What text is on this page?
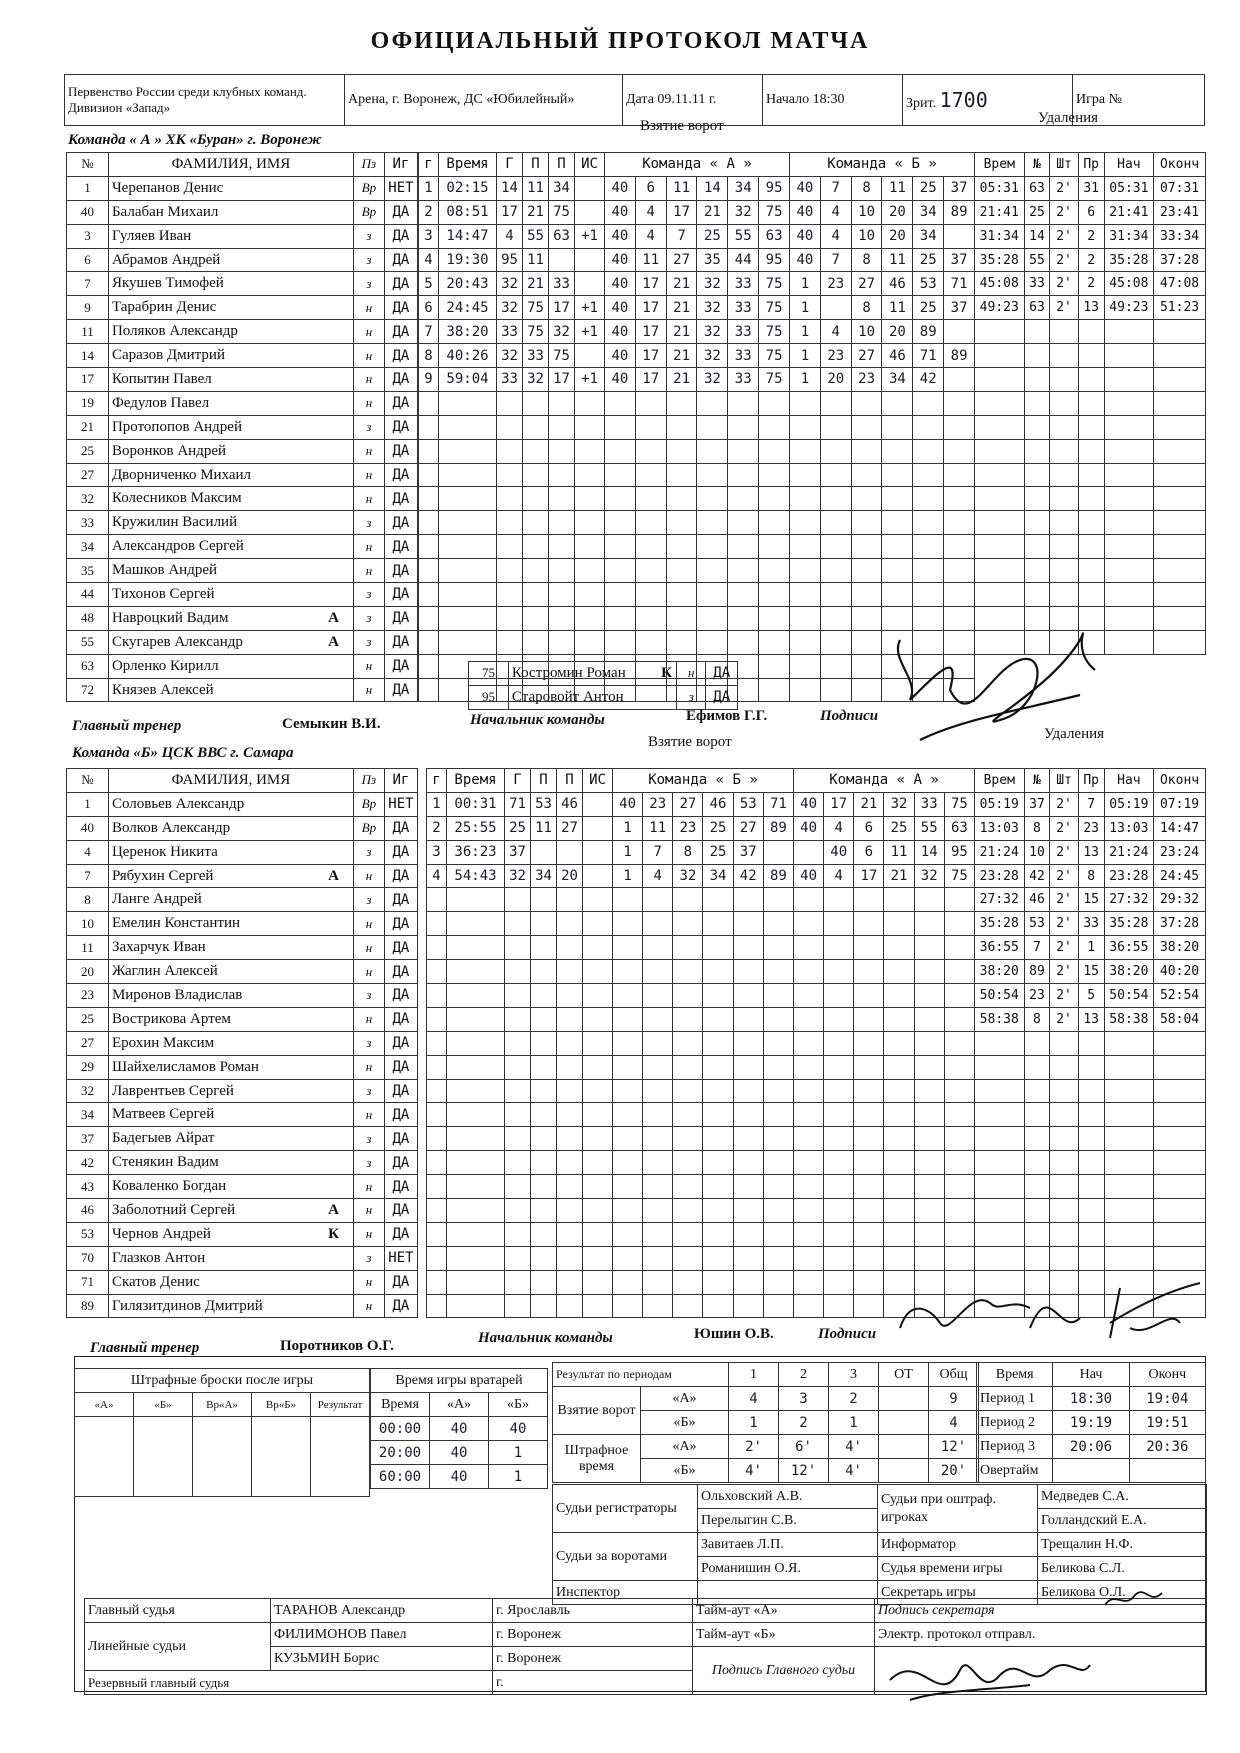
ОФИЦИАЛЬНЫЙ ПРОТОКОЛ МАТЧА
Первенство России среди клубных команд. Дивизион «Запад»	Арена, г. Воронеж, ДС «Юбилейный»	Дата 09.11.11 г.	Начало 18:30	Зрит. 1700	Игра №
Команда « А » ХК «Буран» г. Воронеж
Взятие ворот	Удаления
№	ФАМИЛИЯ, ИМЯ	Пз	Иг
1	Черепанов Денис	Вр	НЕТ
40	Балабан Михаил	Вр	ДА
3	Гуляев Иван	з	ДА
6	Абрамов Андрей	з	ДА
7	Якушев Тимофей	з	ДА
9	Тарабрин Денис	н	ДА
11	Поляков Александр	н	ДА
14	Саразов Дмитрий	н	ДА
17	Копытин Павел	н	ДА
19	Федулов Павел	н	ДА
21	Протопопов Андрей	з	ДА
25	Воронков Андрей	н	ДА
27	Дворниченко Михаил	н	ДА
32	Колесников Максим	н	ДА
33	Кружилин Василий	з	ДА
34	Александров Сергей	н	ДА
35	Машков Андрей	н	ДА
44	Тихонов Сергей	з	ДА
48	Навроцкий Вадим А	з	ДА
55	Скугарев Александр А	з	ДА
63	Орленко Кирилл	н	ДА
72	Князев Алексей	н	ДА
г	Время	Г	П	П	ИС	Команда « А »						Команда « Б »					
1	02:15	14	11	34		40	6	11	14	34	95	40	7	8	11	25	37
2	08:51	17	21	75		40	4	17	21	32	75	40	4	10	20	34	89
3	14:47	4	55	63	+1	40	4	7	25	55	63	40	4	10	20	34	
4	19:30	95	11			40	11	27	35	44	95	40	7	8	11	25	37
5	20:43	32	21	33		40	17	21	32	33	75	1	23	27	46	53	71
6	24:45	32	75	17	+1	40	17	21	32	33	75	1		8	11	25	37
7	38:20	33	75	32	+1	40	17	21	32	33	75	1	4	10	20	89	
8	40:26	32	33	75		40	17	21	32	33	75	1	23	27	46	71	89
9	59:04	33	32	17	+1	40	17	21	32	33	75	1	20	23	34	42	

Врем	№	Шт	Пр	Нач	Оконч
05:31	63	2'	31	05:31	07:31
21:41	25	2'	6	21:41	23:41
31:34	14	2'	2	31:34	33:34
35:28	55	2'	2	35:28	37:28
45:08	33	2'	2	45:08	47:08
49:23	63	2'	13	49:23	51:23

75	Костромин Роман К	н	ДА
95	Старовойт Антон	з	ДА
Главный тренер	Семыкин В.И.	Начальник команды	Ефимов Г.Г.	Подписи
Команда «Б» ЦСК ВВС г. Самара
Взятие ворот	Удаления
№	ФАМИЛИЯ, ИМЯ	Пз	Иг
1	Соловьев Александр	Вр	НЕТ
40	Волков Александр	Вр	ДА
4	Церенок Никита	з	ДА
7	Рябухин Сергей А	н	ДА
8	Ланге Андрей	з	ДА
10	Емелин Константин	н	ДА
11	Захарчук Иван	н	ДА
20	Жаглин Алексей	н	ДА
23	Миронов Владислав	з	ДА
25	Вострикова Артем	н	ДА
27	Ерохин Максим	з	ДА
29	Шайхелисламов Роман	н	ДА
32	Лаврентьев Сергей	з	ДА
34	Матвеев Сергей	н	ДА
37	Бадегыев Айрат	з	ДА
42	Стенякин Вадим	з	ДА
43	Коваленко Богдан	н	ДА
46	Заболотний Сергей А	н	ДА
53	Чернов Андрей К	н	ДА
70	Глазков Антон	з	НЕТ
71	Скатов Денис	н	ДА
89	Гилязитдинов Дмитрий	н	ДА
г	Время	Г	П	П	ИС	Команда « Б »						Команда « А »					
1	00:31	71	53	46		40	23	27	46	53	71	40	17	21	32	33	75
2	25:55	25	11	27		1	11	23	25	27	89	40	4	6	25	55	63
3	36:23	37				1	7	8	25	37			40	6	11	14	95
4	54:43	32	34	20		1	4	32	34	42	89	40	4	17	21	32	75

Врем	№	Шт	Пр	Нач	Оконч
05:19	37	2'	7	05:19	07:19
13:03	8	2'	23	13:03	14:47
21:24	10	2'	13	21:24	23:24
23:28	42	2'	8	23:28	24:45
27:32	46	2'	15	27:32	29:32
35:28	53	2'	33	35:28	37:28
36:55	7	2'	1	36:55	38:20
38:20	89	2'	15	38:20	40:20
50:54	23	2'	5	50:54	52:54
58:38	8	2'	13	58:38	58:04

Главный тренер	Поротников О.Г.	Начальник команды	Юшин О.В.	Подписи
Штрафные броски после игры				
«А»	«Б»	Вр«А»	Вр«Б»	Результат

Время игры вратарей		
Время	«А»	«Б»
00:00	40	40
20:00	40	1
60:00	40	1
Результат по периодам		1	2	3	ОТ	Общ
Взятие ворот	«А»	4	3	2		9
	«Б»	1	2	1		4
Штрафное время	«А»	2'	6'	4'		12'
	«Б»	4'	12'	4'		20'
Время	Нач	Оконч
Период 1	18:30	19:04
Период 2	19:19	19:51
Период 3	20:06	20:36
Овертайм		
Судьи регистраторы	Ольховский А.В.	Судьи при оштраф. игроках	Медведев С.А.
	Перелыгин С.В.		Голландский Е.А.
Судьи за воротами	Завитаев Л.П.	Информатор	Трещалин Н.Ф.
	Романишин О.Я.	Судья времени игры	Беликова С.Л.
Инспектор		Секретарь игры	Беликова О.Л.
Главный судья	ТАРАНОВ Александр	г. Ярославль	Тайм-аут «А»	Подпись секретаря
Линейные судьи	ФИЛИМОНОВ Павел	г. Воронеж	Тайм-аут «Б»	Электр. протокол отправл.
	КУЗЬМИН Борис	г. Воронеж	Подпись Главного судьи	
Резервный главный судья		г.		
